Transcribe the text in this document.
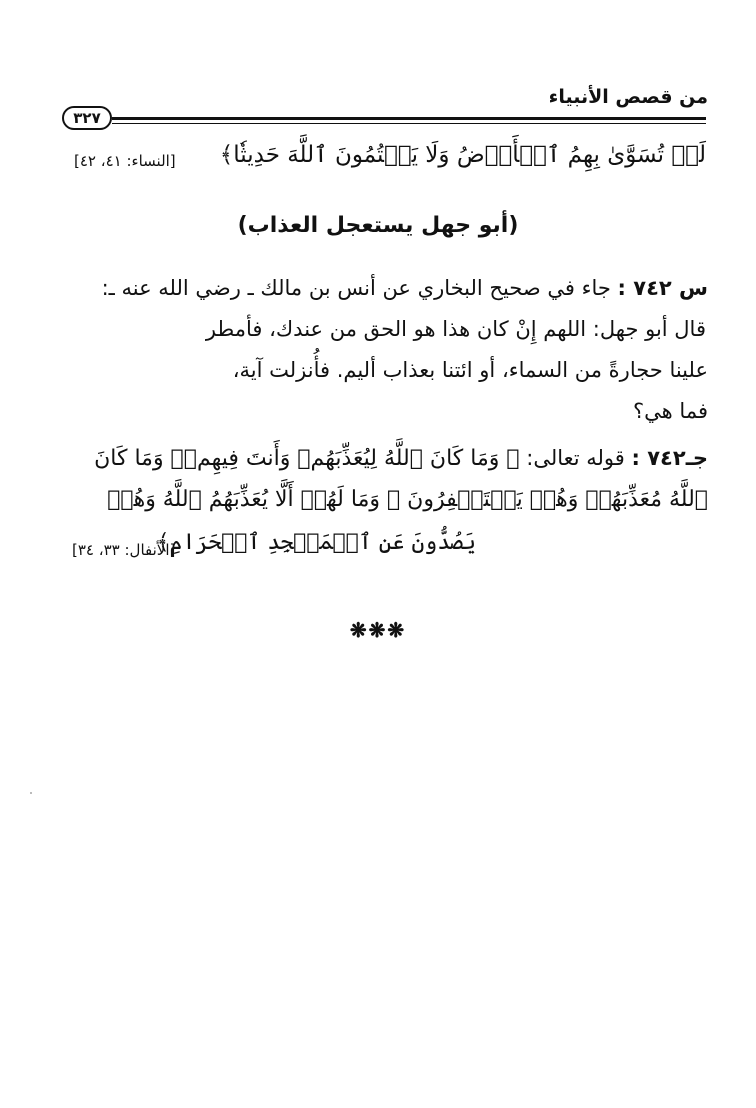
من قصص الأنبياء
٣٢٧
لَوۡ تُسَوَّىٰ بِهِمُ ٱلۡأَرۡضُ وَلَا يَكۡتُمُونَ ٱللَّهَ حَدِيثٗا﴾
[النساء: ٤١، ٤٢]
(أبو جهل يستعجل العذاب)

س ٧٤٢ : جاء في صحيح البخاري عن أنس بن مالك ـ رضي الله عنه ـ:

قال أبو جهل: اللهم إِنْ كان هذا هو الحق من عندك، فأمطر

علينا حجارةً من السماء، أو ائتنا بعذاب أليم. فأُنزلت آية،

فما هي؟

جـ٧٤٢ : قوله تعالى: ﴿ وَمَا كَانَ ٱللَّهُ لِيُعَذِّبَهُمۡ وَأَنتَ فِيهِمۡۚ وَمَا كَانَ
ٱللَّهُ مُعَذِّبَهُمۡ وَهُمۡ يَسۡتَغۡفِرُونَ ۞ وَمَا لَهُمۡ أَلَّا يُعَذِّبَهُمُ ٱللَّهُ وَهُمۡ
يَصُدُّونَ عَنِ ٱلۡمَسۡجِدِ ٱلۡحَرَامِ﴾
[الأنفال: ٣٣، ٣٤]
❋❋❋
